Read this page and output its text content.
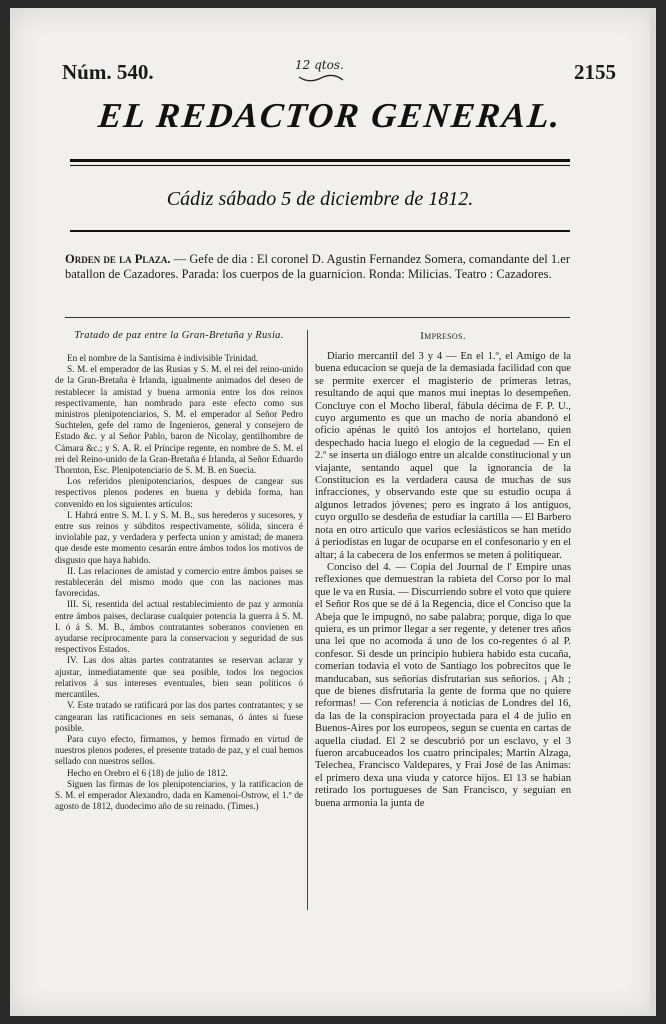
Núm. 540.	12 qtos.	2155
EL REDACTOR GENERAL.
Cádiz sábado 5 de diciembre de 1812.
Orden de la Plaza. — Gefe de dia : El coronel D. Agustin Fernandez Somera, comandante del 1.er batallon de Cazadores. Parada: los cuerpos de la guarnicion. Ronda: Milicias. Teatro : Cazadores.
Tratado de paz entre la Gran-Bretaña y Rusia.

En el nombre de la Santísima è indivisible Trinidad.

S. M. el emperador de las Rusias y S. M. el rei del reino-unido de la Gran-Bretaña è Irlanda, igualmente animados del deseo de restablecer la amistad y buena armonia entre los dos reinos respectivamente, han nombrado para este efecto como sus ministros plenipotenciarios, S. M. el emperador al Señor Pedro Suchtelen, gefe del ramo de Ingenieros, general y consejero de Estado &c. y al Señor Pablo, baron de Nicolay, gentilhombre de Cámara &c.; y S. A. R. el Príncipe regente, en nombre de S. M. el rei del Reino-unido de la Gran-Bretaña é Irlanda, al Señor Eduardo Thornton, Esc. Plenipotenciario de S. M. B. en Suecia.

Los referidos plenipotenciarios, despues de cangear sus respectivos plenos poderes en buena y debida forma, han convenido en los siguientes artículos:

I. Habrá entre S. M. I. y S. M. B., sus herederos y sucesores, y entre sus reinos y súbditos respectivamente, sólida, sincera é inviolable paz, y verdadera y perfecta union y amistad; de manera que desde este momento cesarán entre ámbos todos los motivos de disgusto que haya habido.

II. Las relaciones de amistad y comercio entre ámbos paises se restablecerán del mismo modo que con las naciones mas favorecidas.

III. Si, resentida del actual restablecimiento de paz y armonía entre ámbos paises, declarase cualquier potencia la guerra á S. M. I. ó á S. M. B., ámbos contratantes soberanos convienen en ayudarse recíprocamente para la conservacion y seguridad de sus respectivos Estados.

IV. Las dos altas partes contratantes se reservan aclarar y ajustar, inmediatamente que sea posible, todos los negocios relativos á sus intereses eventuales, bien sean políticos ó mercantiles.

V. Este tratado se ratificará por las dos partes contratantes; y se cangearan las ratificaciones en seis semanas, ó ántes si fuese posible.

Para cuyo efecto, firmamos, y hemos firmado en virtud de nuestros plenos poderes, el presente tratado de paz, y el cual hemos sellado con nuestros sellos.

Hecho en Orebro el 6 (18) de julio de 1812.

Siguen las firmas de los plenipotenciarios, y la ratificacion de S. M. el emperador Alexandro, dada en Kamenoi-Ostrow, el 1.º de agosto de 1812, duodecimo año de su reinado. (Times.)

Impresos.

Diario mercantil del 3 y 4 — En el 1.º, el Amigo de la buena educacion se queja de la demasiada facilidad con que se permite exercer el magisterio de primeras letras, resultando de aqui que manos mui ineptas lo desempeñen. Concluye con el Mocho liberal, fábula décima de F. P. U., cuyo argumento es que un macho de noria abandonó el oficio apénas le quitó los antojos el hortelano, quien despechado hacia luego el elogio de la ceguedad — En el 2.º se inserta un diálogo entre un alcalde constitucional y un viajante, sentando aquel que la ignorancia de la Constitucion es la verdadera causa de muchas de sus infracciones, y observando este que su estudio ocupa á algunos letrados jóvenes; pero es ingrato á los antiguos, cuyo orgullo se desdeña de estudiar la cartilla — El Barbero nota en otro artículo que varios eclesiásticos se han metido á periodistas en lugar de ocuparse en el confesonario y en el altar; á la cabecera de los enfermos se meten á politiquear.

Conciso del 4. — Copia del Journal de l' Empire unas reflexiones que demuestran la rabieta del Corso por lo mal que le va en Rusia. — Discurriendo sobre el voto que quiere el Señor Ros que se dé á la Regencia, dice el Conciso que la Abeja que le impugnó, no sabe palabra; porque, diga lo que quiera, es un primor llegar a ser regente, y detener tres años una lei que no acomoda á uno de los co-regentes ó al P. confesor. Si desde un principio hubiera habido esta cucaña, comerian todavia el voto de Santiago los pobrecitos que le manducaban, sus señorías disfrutarian sus señorios. ¡ Ah ; que de bienes disfrutaria la gente de forma que no quiere reformas! — Con referencia á noticias de Londres del 16, da las de la conspiracion proyectada para el 4 de julio en Buenos-Aires por los europeos, segun se cuenta en cartas de aquella ciudad. El 2 se descubrió por un esclavo, y el 3 fueron arcabuceados los cuatro principales; Martin Alzaga, Telechea, Francisco Valdepares, y Frai José de las Animas: el primero dexa una viuda y catorce hijos. El 13 se habian retirado los portugueses de San Francisco, y seguian en buena armonia la junta de
